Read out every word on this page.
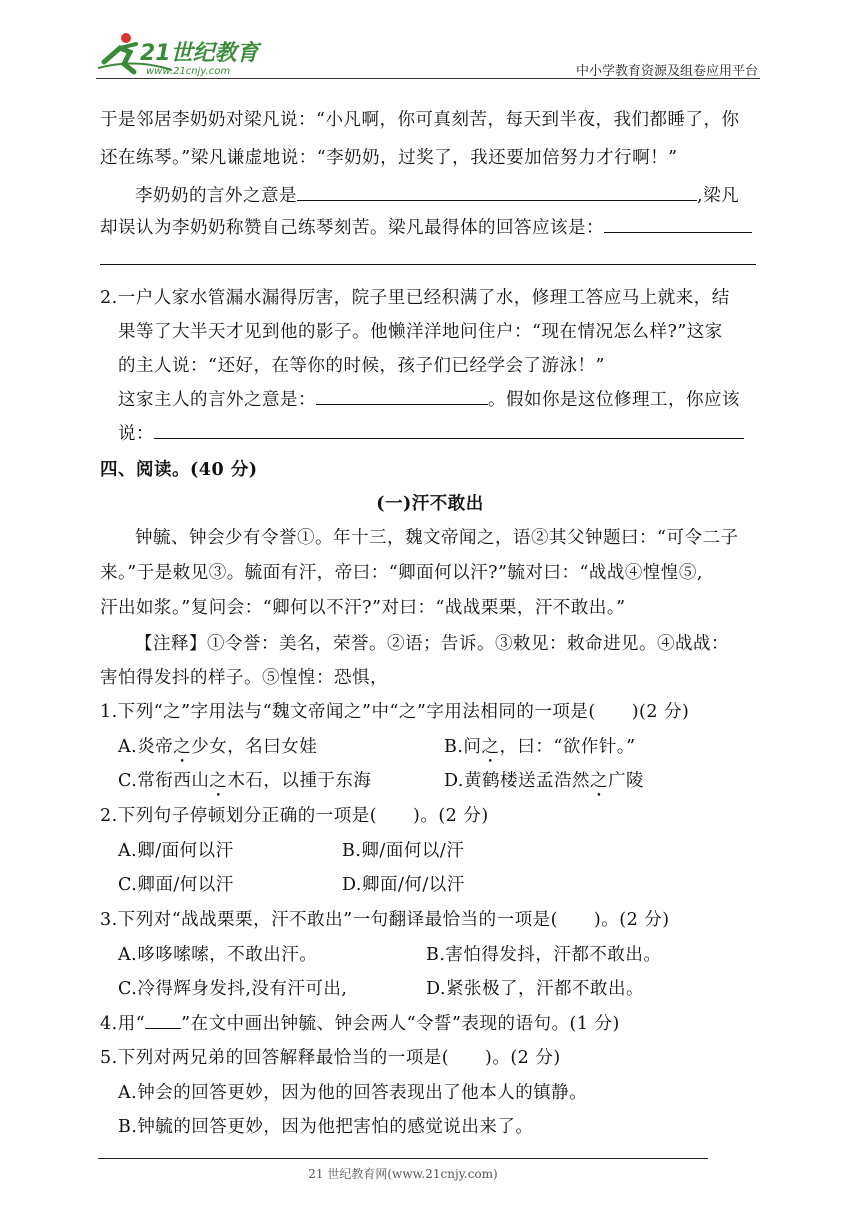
21世纪教育
www.21cnjy.com	中小学教育资源及组卷应用平台
于是邻居李奶奶对梁凡说：“小凡啊，你可真刻苦，每天到半夜，我们都睡了，你
还在练琴。”梁凡谦虚地说：“李奶奶，过奖了，我还要加倍努力才行啊！”
李奶奶的言外之意是	,梁凡
却误认为李奶奶称赞自己练琴刻苦。梁凡最得体的回答应该是：
2.一户人家水管漏水漏得厉害，院子里已经积满了水，修理工答应马上就来，结
果等了大半天才见到他的影子。他懒洋洋地问住户：“现在情况怎么样?”这家
的主人说：“还好，在等你的时候，孩子们已经学会了游泳！”
这家主人的言外之意是：	。假如你是这位修理工，你应该
说：
四、阅读。(40 分)
(一)汗不敢出
钟毓、钟会少有令誉①。年十三，魏文帝闻之，语②其父钟题曰：“可令二子
来。”于是敕见③。毓面有汗，帝曰：“卿面何以汗?”毓对曰：“战战④惶惶⑤,
汗出如浆。”复问会：“卿何以不汗?”对曰：“战战栗栗，汗不敢出。”
【注释】①令誉：美名，荣誉。②语；告诉。③敕见：敕命进见。④战战：
害怕得发抖的样子。⑤惶惶：恐惧，
1.下列“之”字用法与“魏文帝闻之”中“之”字用法相同的一项是(　　)(2 分)
A.炎帝之少女，名曰女娃	B.问之，曰：“欲作针。”
C.常衔西山之木石，以揰于东海	D.黄鹤楼送孟浩然之广陵
2.下列句子停顿划分正确的一项是(　　)。(2 分)
A.卿/面何以汗	B.卿/面何以/汗
C.卿面/何以汗	D.卿面/何/以汗
3.下列对“战战栗栗，汗不敢出”一句翻译最恰当的一项是(　　)。(2 分)
A.哆哆嗦嗦，不敢出汗。	B.害怕得发抖，汗都不敢出。
C.冷得辉身发抖,没有汗可出,	D.紧张极了，汗都不敢出。
4.用“ ”在文中画出钟毓、钟会两人“令誓”表现的语句。(1 分)
5.下列对两兄弟的回答解释最恰当的一项是(　　)。(2 分)
A.钟会的回答更妙，因为他的回答表现出了他本人的镇静。
B.钟毓的回答更妙，因为他把害怕的感觉说出来了。
21 世纪教育网(www.21cnjy.com)
